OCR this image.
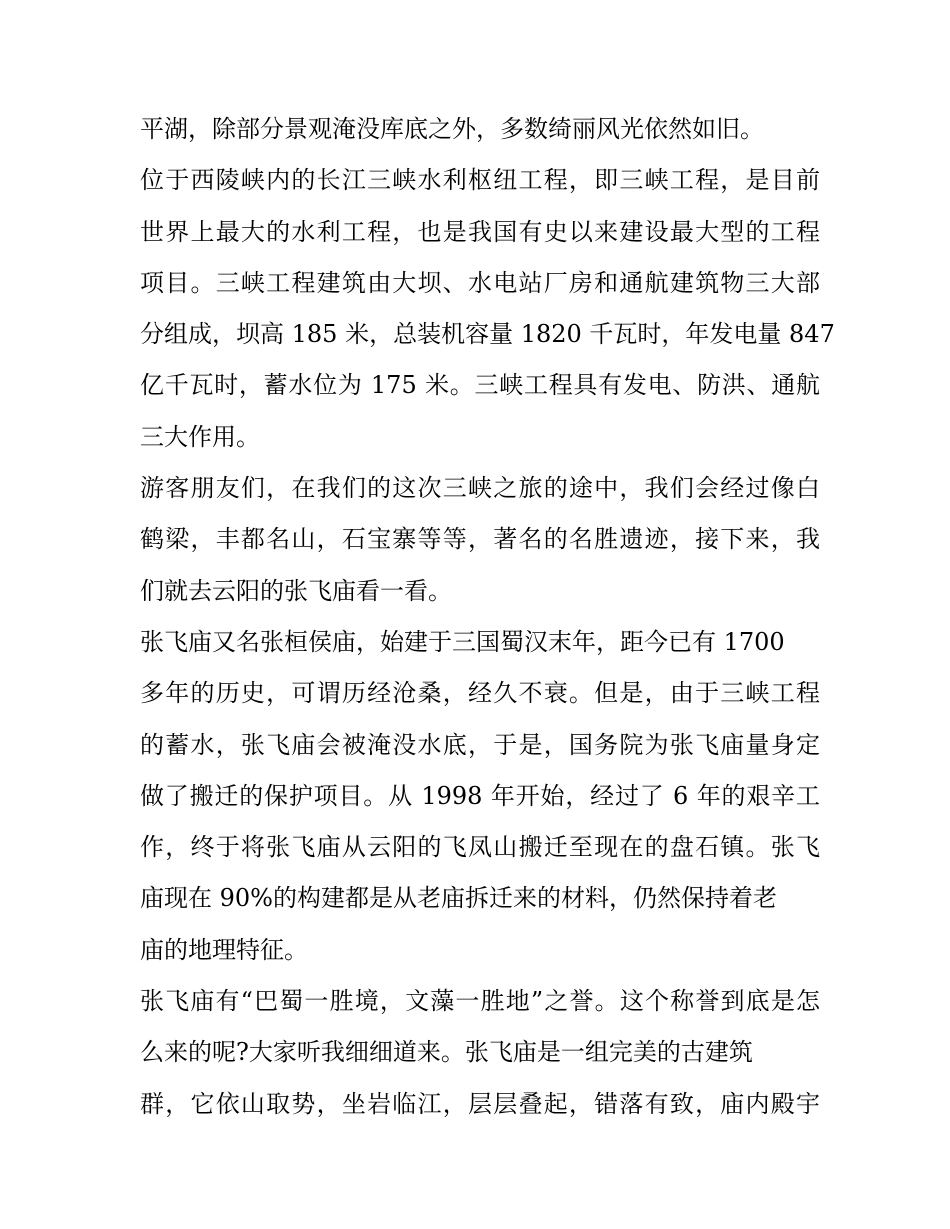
平湖，除部分景观淹没库底之外，多数绮丽风光依然如旧。
位于西陵峡内的长江三峡水利枢纽工程，即三峡工程，是目前
世界上最大的水利工程，也是我国有史以来建设最大型的工程
项目。三峡工程建筑由大坝、水电站厂房和通航建筑物三大部
分组成，坝高 185 米，总装机容量 1820 千瓦时，年发电量 847
亿千瓦时，蓄水位为 175 米。三峡工程具有发电、防洪、通航
三大作用。
游客朋友们，在我们的这次三峡之旅的途中，我们会经过像白
鹤梁，丰都名山，石宝寨等等，著名的名胜遗迹，接下来，我
们就去云阳的张飞庙看一看。
张飞庙又名张桓侯庙，始建于三国蜀汉末年，距今已有 1700
多年的历史，可谓历经沧桑，经久不衰。但是，由于三峡工程
的蓄水，张飞庙会被淹没水底，于是，国务院为张飞庙量身定
做了搬迁的保护项目。从 1998 年开始，经过了 6 年的艰辛工
作，终于将张飞庙从云阳的飞凤山搬迁至现在的盘石镇。张飞
庙现在 90%的构建都是从老庙拆迁来的材料，仍然保持着老
庙的地理特征。
张飞庙有“巴蜀一胜境，文藻一胜地”之誉。这个称誉到底是怎
么来的呢?大家听我细细道来。张飞庙是一组完美的古建筑
群，它依山取势，坐岩临江，层层叠起，错落有致，庙内殿宇
